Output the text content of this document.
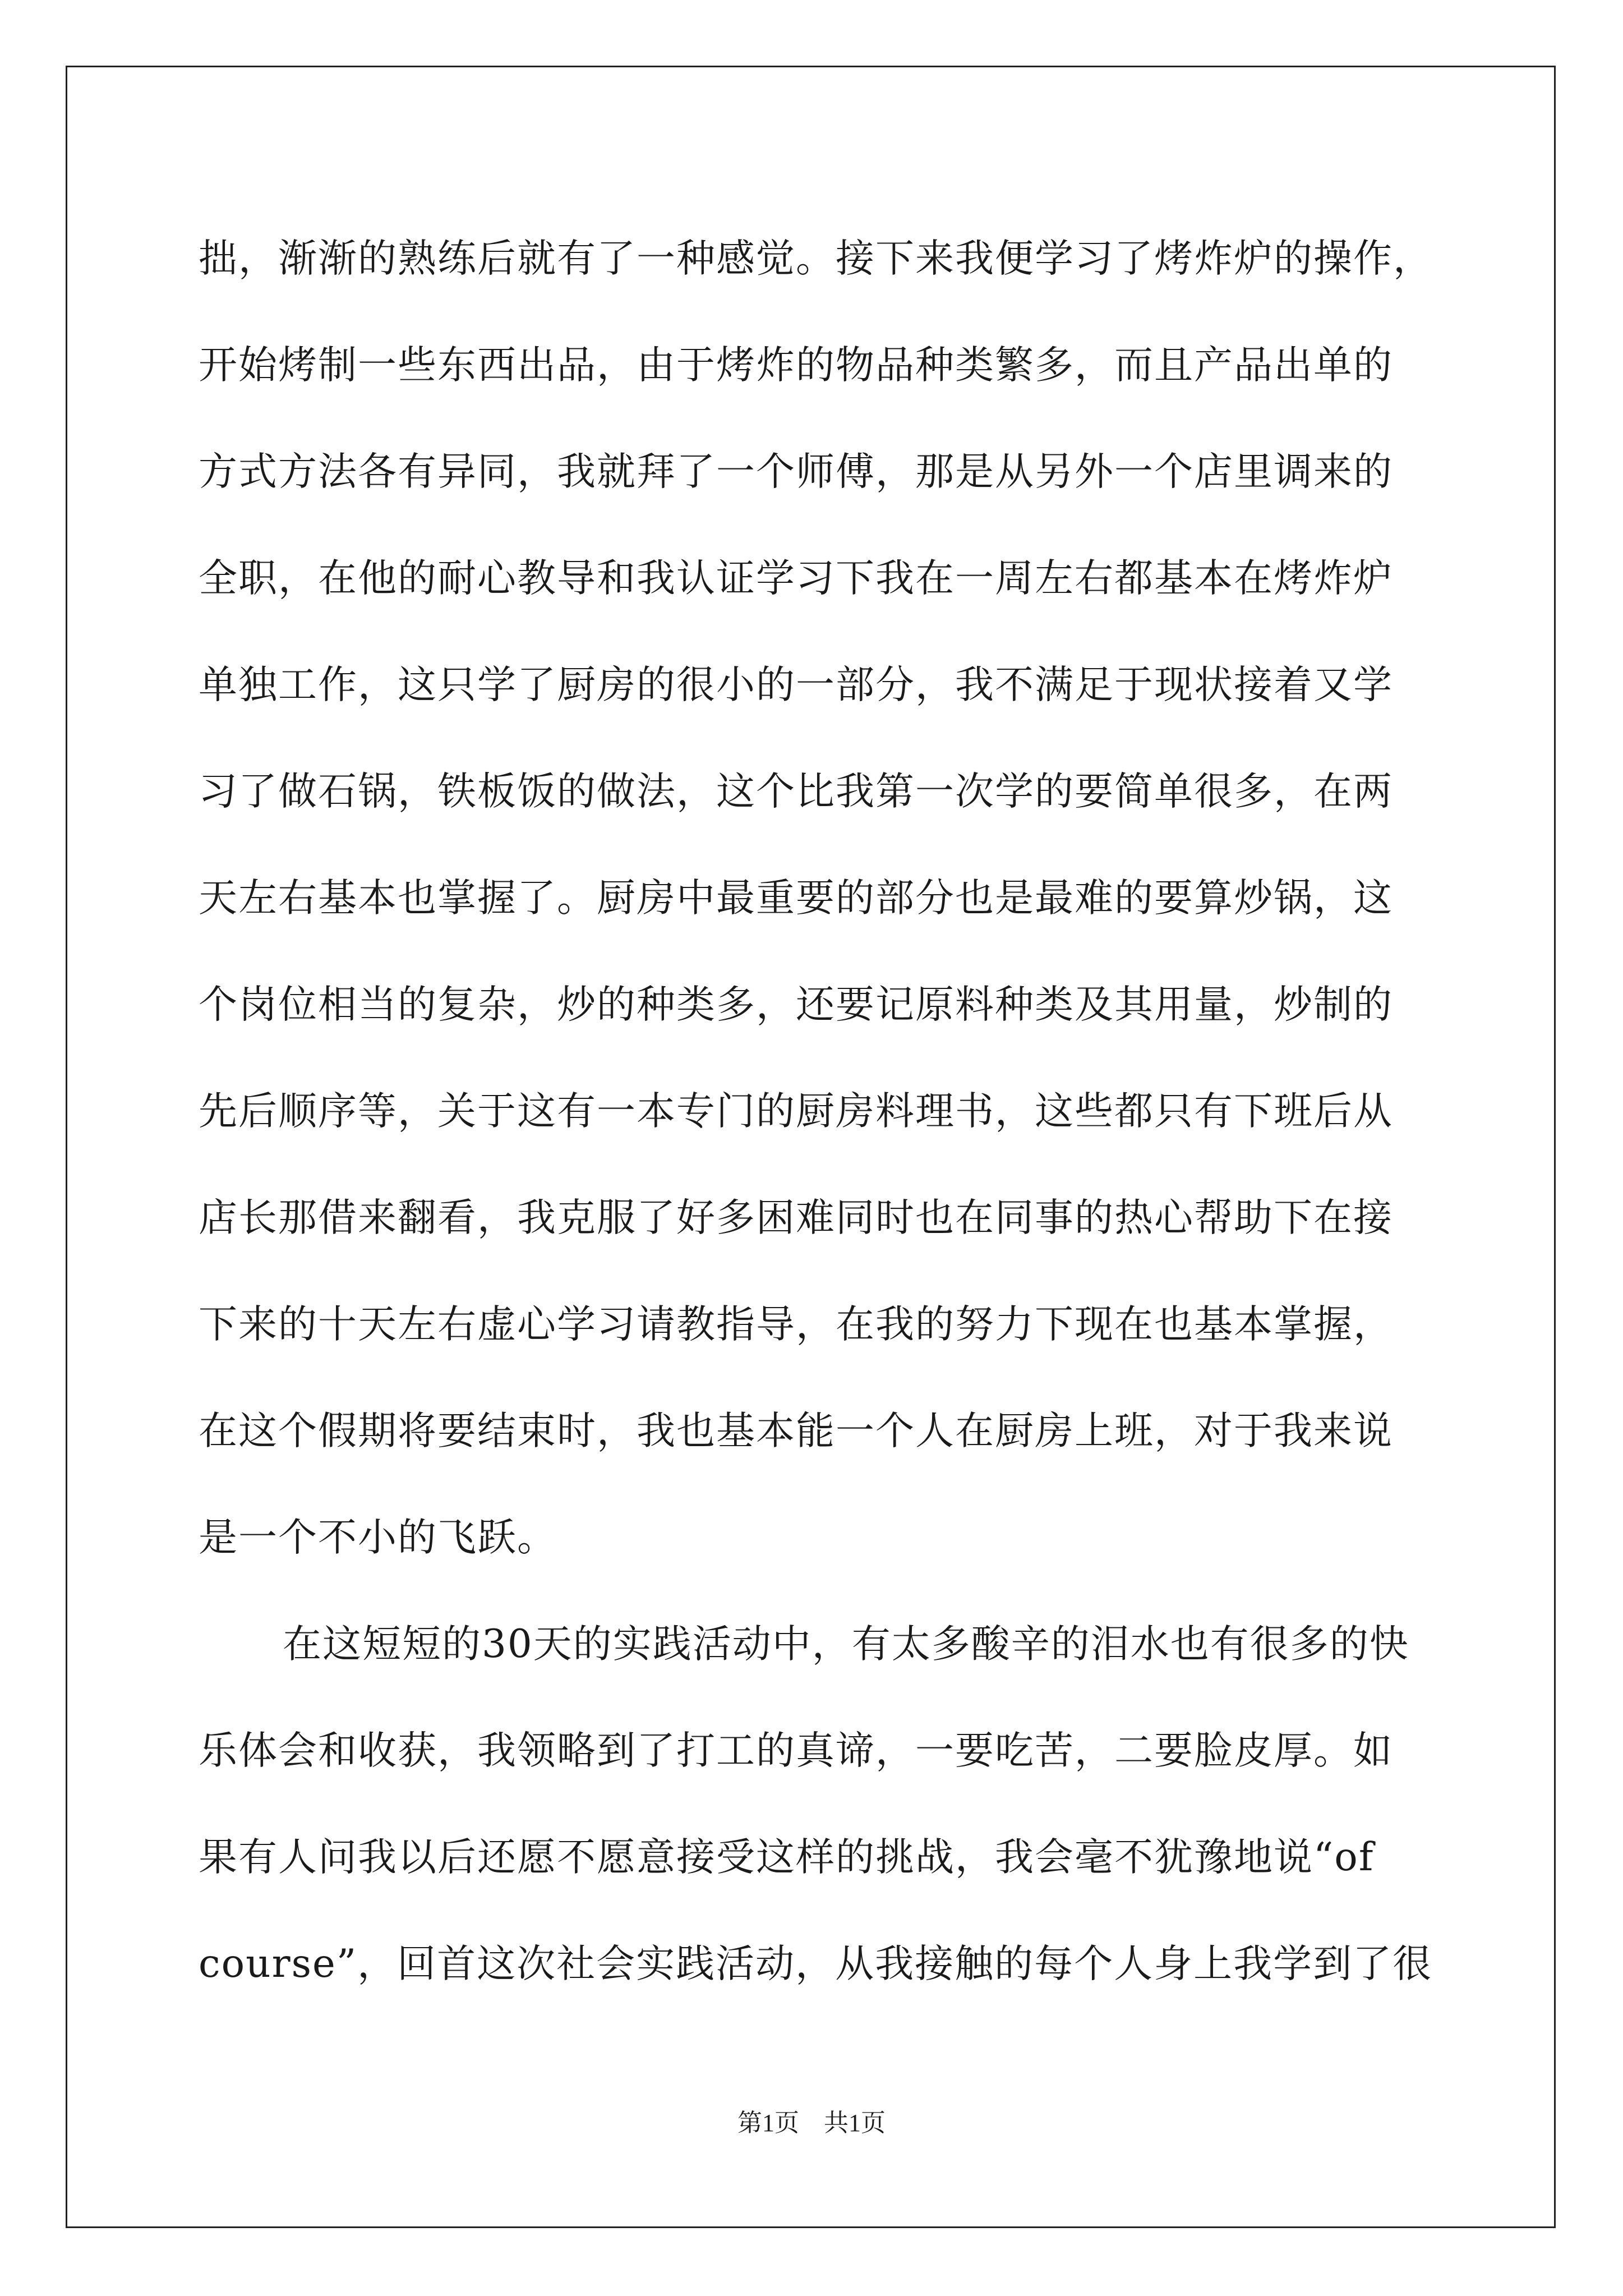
拙，渐渐的熟练后就有了一种感觉。接下来我便学习了烤炸炉的操作，
开始烤制一些东西出品，由于烤炸的物品种类繁多，而且产品出单的
方式方法各有异同，我就拜了一个师傅，那是从另外一个店里调来的
全职，在他的耐心教导和我认证学习下我在一周左右都基本在烤炸炉
单独工作，这只学了厨房的很小的一部分，我不满足于现状接着又学
习了做石锅，铁板饭的做法，这个比我第一次学的要简单很多，在两
天左右基本也掌握了。厨房中最重要的部分也是最难的要算炒锅，这
个岗位相当的复杂，炒的种类多，还要记原料种类及其用量，炒制的
先后顺序等，关于这有一本专门的厨房料理书，这些都只有下班后从
店长那借来翻看，我克服了好多困难同时也在同事的热心帮助下在接
下来的十天左右虚心学习请教指导，在我的努力下现在也基本掌握，
在这个假期将要结束时，我也基本能一个人在厨房上班，对于我来说
是一个不小的飞跃。
在这短短的30天的实践活动中，有太多酸辛的泪水也有很多的快
乐体会和收获，我领略到了打工的真谛，一要吃苦，二要脸皮厚。如
果有人问我以后还愿不愿意接受这样的挑战，我会毫不犹豫地说“of
course”，回首这次社会实践活动，从我接触的每个人身上我学到了很
第1页　共1页
